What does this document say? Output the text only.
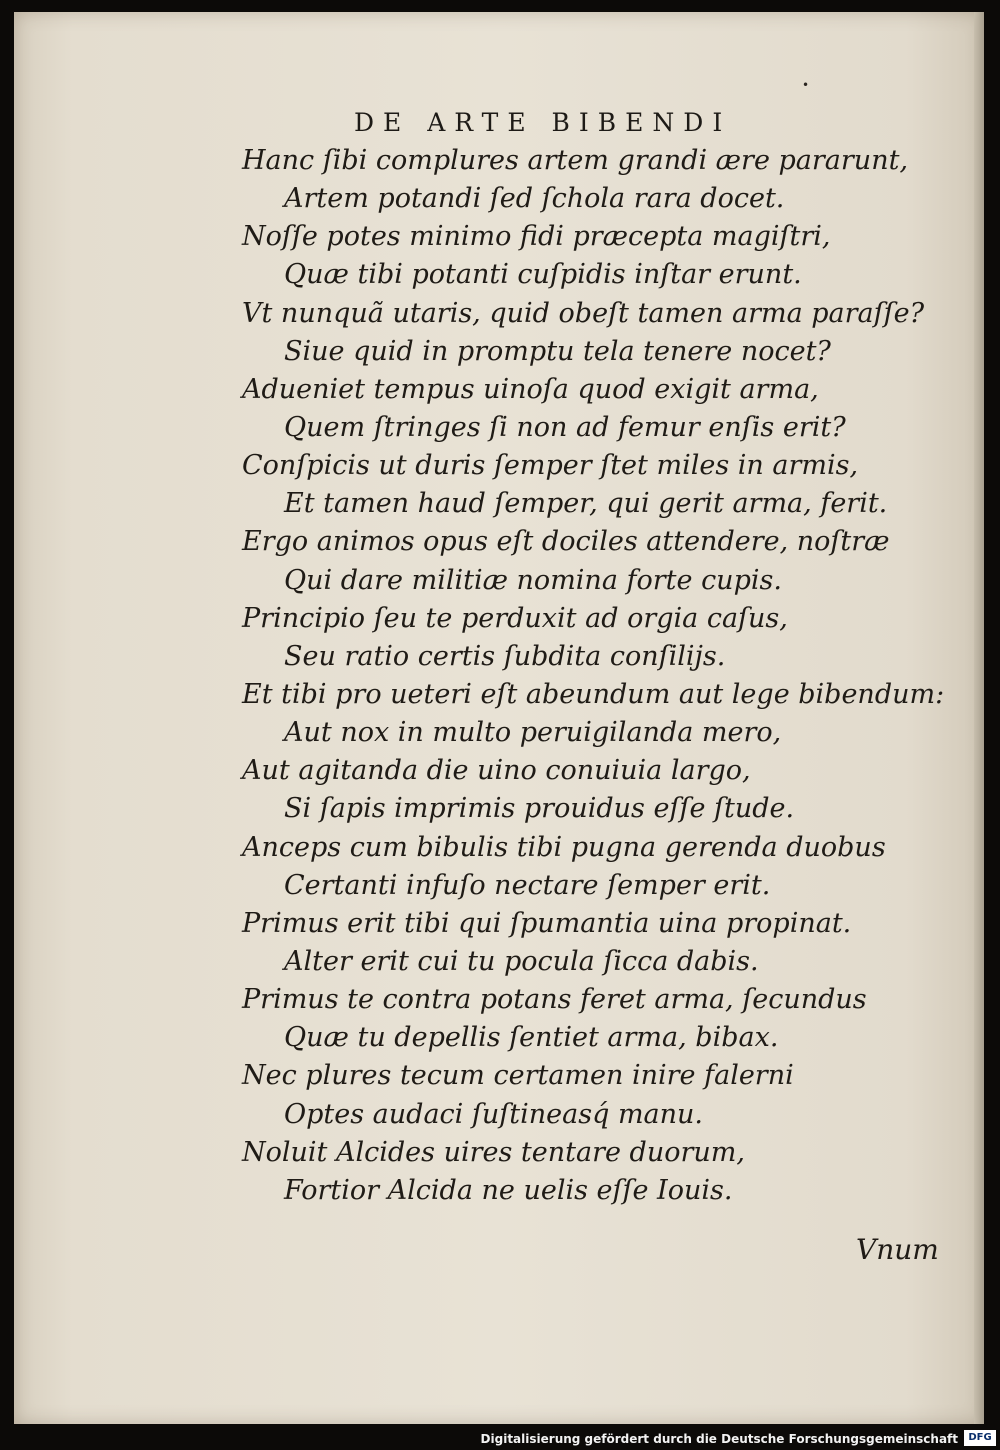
•
DE ARTE BIBENDI
Hanc ſibi complures artem grandi ære pararunt,
Artem potandi ſed ſchola rara docet.
Noſſe potes minimo fidi præcepta magiſtri,
Quæ tibi potanti cuſpidis inſtar erunt.
Vt nunquã utaris, quid obeſt tamen arma paraſſe?
Siue quid in promptu tela tenere nocet?
Adueniet tempus uinoſa quod exigit arma,
Quem ſtringes ſi non ad femur enſis erit?
Conſpicis ut duris ſemper ſtet miles in armis,
Et tamen haud ſemper, qui gerit arma, ferit.
Ergo animos opus eſt dociles attendere, noſtræ
Qui dare militiæ nomina forte cupis.
Principio ſeu te perduxit ad orgia caſus,
Seu ratio certis ſubdita conſilijs.
Et tibi pro ueteri eſt abeundum aut lege bibendum:
Aut nox in multo peruigilanda mero,
Aut agitanda die uino conuiuia largo,
Si ſapis imprimis prouidus eſſe ſtude.
Anceps cum bibulis tibi pugna gerenda duobus
Certanti infuſo nectare ſemper erit.
Primus erit tibi qui ſpumantia uina propinat.
Alter erit cui tu pocula ſicca dabis.
Primus te contra potans feret arma, ſecundus
Quæ tu depellis ſentiet arma, bibax.
Nec plures tecum certamen inire falerni
Optes audaci ſuſtineasq́ manu.
Noluit Alcides uires tentare duorum,
Fortior Alcida ne uelis eſſe Iouis.
Vnum
Digitalisierung gefördert durch die Deutsche Forschungsgemeinschaft	DFG
